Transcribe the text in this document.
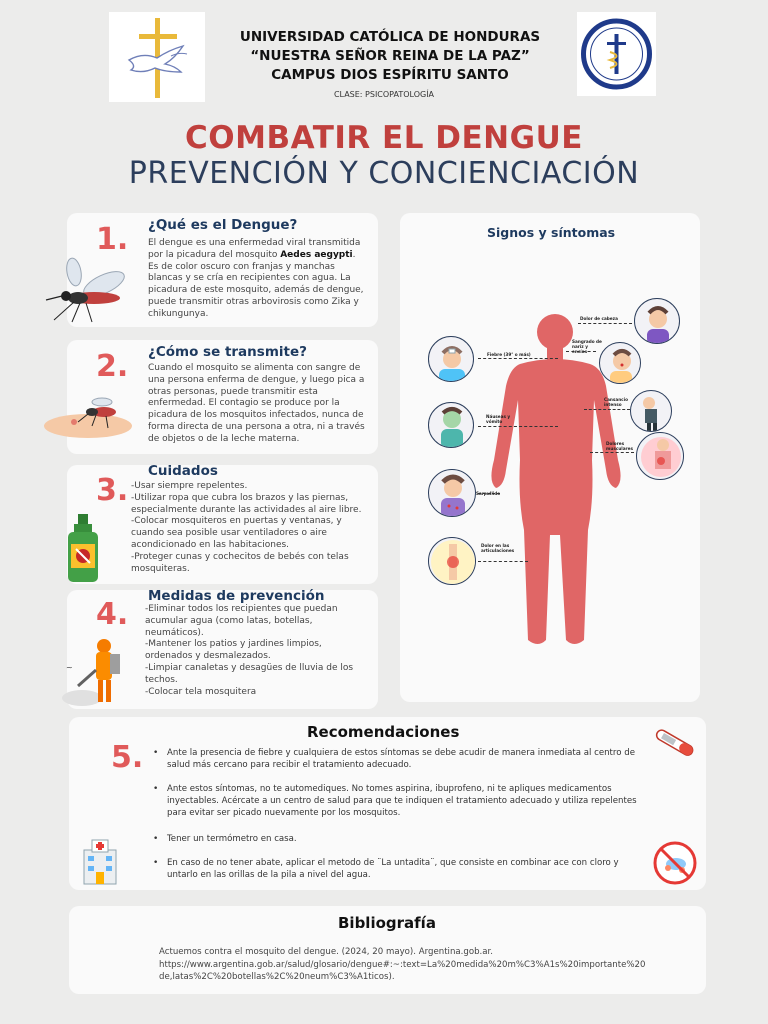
UNIVERSIDAD CATÓLICA DE HONDURAS
“NUESTRA SEÑOR REINA DE LA PAZ”
CAMPUS DIOS ESPÍRITU SANTO
CLASE: PSICOPATOLOGÍA
COMBATIR EL DENGUE
PREVENCIÓN Y CONCIENCIACIÓN
1. ¿Qué es el Dengue?
El dengue es una enfermedad viral transmitida
por la picadura del mosquito Aedes aegypti.
Es de color oscuro con franjas y manchas
blancas y se cría en recipientes con agua. La
picadura de este mosquito, además de dengue,
puede transmitir otras arbovirosis como Zika y
chikungunya.
2. ¿Cómo se transmite?
Cuando el mosquito se alimenta con sangre de
una persona enferma de dengue, y luego pica a
otras personas, puede transmitir esta
enfermedad. El contagio se produce por la
picadura de los mosquitos infectados, nunca de
forma directa de una persona a otra, ni a través
de objetos o de la leche materna.
3.
Cuidados
-Usar siempre repelentes.
-Utilizar ropa que cubra los brazos y las piernas,
especialmente durante las actividades al aire libre.
-Colocar mosquiteros en puertas y ventanas, y
cuando sea posible usar ventiladores o aire
acondicionado en las habitaciones.
-Proteger cunas y cochecitos de bebés con telas
mosquiteras.
4.
Medidas de prevención
-Eliminar todos los recipientes que puedan
acumular agua (como latas, botellas,
neumáticos).
-Mantener los patios y jardines limpios,
ordenados y desmalezados.
-Limpiar canaletas y desagües de lluvia de los
techos.
-Colocar tela mosquitera
~
Signos y síntomas
Dolor de cabeza
Sangrado de nariz y encías
Fiebre (39° o más)
Cansancio intenso
Náuseas y vómito
Dolores musculares
Sarpullido
Dolor en las articulaciones
Recomendaciones
5.
•	Ante la presencia de fiebre y cualquiera de estos síntomas se debe acudir de manera inmediata al centro de
salud más cercano para recibir el tratamiento adecuado.
• Ante estos síntomas, no te automediques. No tomes aspirina, ibuprofeno, ni te apliques medicamentos
inyectables. Acércate a un centro de salud para que te indiquen el tratamiento adecuado y utiliza repelentes
para evitar ser picado nuevamente por los mosquitos.
• Tener un termómetro en casa.
• En caso de no tener abate, aplicar el metodo de ¨La untadita¨, que consiste en combinar ace con cloro y
untarlo en las orillas de la pila a nivel del agua.
Bibliografía
Actuemos contra el mosquito del dengue. (2024, 20 mayo). Argentina.gob.ar.
https://www.argentina.gob.ar/salud/glosario/dengue#:~:text=La%20medida%20m%C3%A1s%20importante%20
de,latas%2C%20botellas%2C%20neum%C3%A1ticos).
